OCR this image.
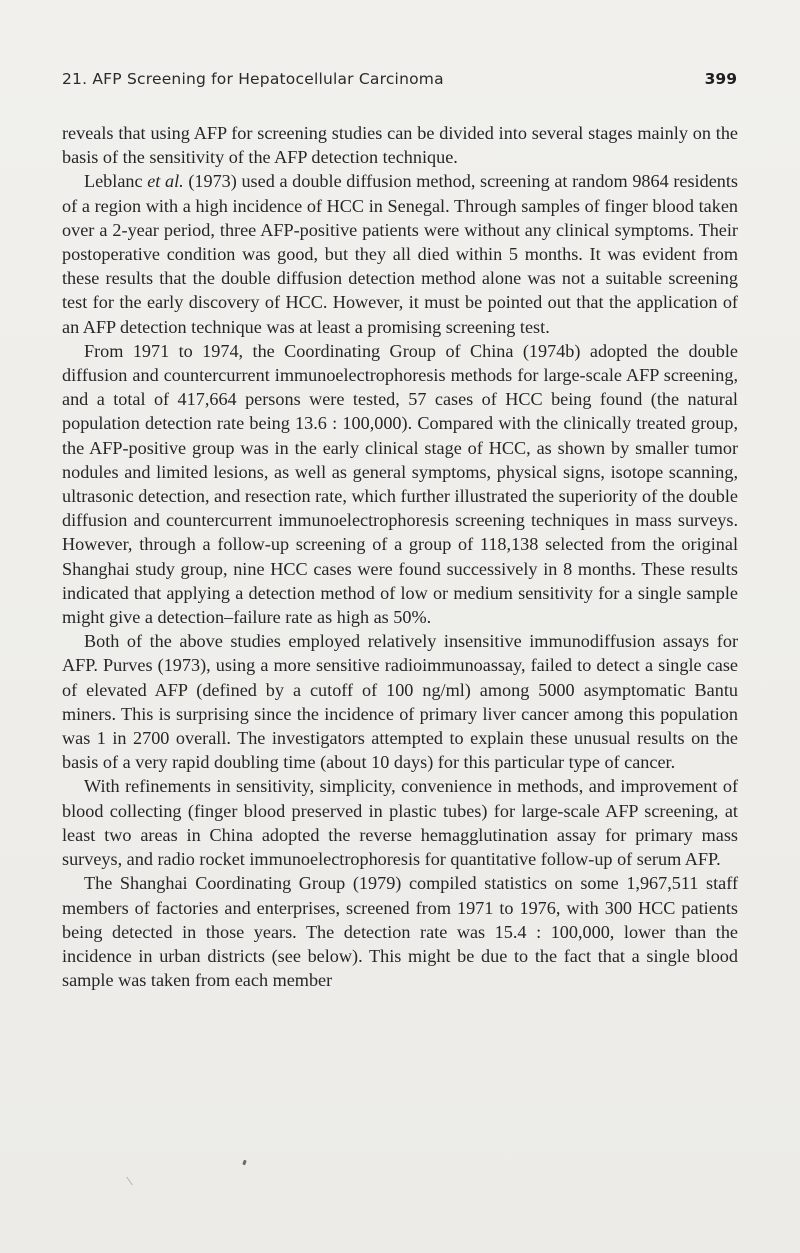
21. AFP Screening for Hepatocellular Carcinoma	399

reveals that using AFP for screening studies can be divided into several stages mainly on the basis of the sensitivity of the AFP detection technique.

Leblanc et al. (1973) used a double diffusion method, screening at random 9864 residents of a region with a high incidence of HCC in Senegal. Through samples of finger blood taken over a 2-year period, three AFP-positive patients were without any clinical symptoms. Their postoperative condition was good, but they all died within 5 months. It was evident from these results that the double diffusion detection method alone was not a suitable screening test for the early discovery of HCC. However, it must be pointed out that the application of an AFP detection technique was at least a promising screening test.

From 1971 to 1974, the Coordinating Group of China (1974b) adopted the double diffusion and countercurrent immunoelectrophoresis methods for large-scale AFP screening, and a total of 417,664 persons were tested, 57 cases of HCC being found (the natural population detection rate being 13.6 : 100,000). Compared with the clinically treated group, the AFP-positive group was in the early clinical stage of HCC, as shown by smaller tumor nodules and limited lesions, as well as general symptoms, physical signs, isotope scanning, ultrasonic detection, and resection rate, which further illustrated the superiority of the double diffusion and countercurrent immunoelectrophoresis screening techniques in mass surveys. However, through a follow-up screening of a group of 118,138 selected from the original Shanghai study group, nine HCC cases were found successively in 8 months. These results indicated that applying a detection method of low or medium sensitivity for a single sample might give a detection–failure rate as high as 50%.

Both of the above studies employed relatively insensitive immunodiffusion assays for AFP. Purves (1973), using a more sensitive radioimmunoassay, failed to detect a single case of elevated AFP (defined by a cutoff of 100 ng/ml) among 5000 asymptomatic Bantu miners. This is surprising since the incidence of primary liver cancer among this population was 1 in 2700 overall. The investigators attempted to explain these unusual results on the basis of a very rapid doubling time (about 10 days) for this particular type of cancer.

With refinements in sensitivity, simplicity, convenience in methods, and improvement of blood collecting (finger blood preserved in plastic tubes) for large-scale AFP screening, at least two areas in China adopted the reverse hemagglutination assay for primary mass surveys, and radio rocket immunoelectrophoresis for quantitative follow-up of serum AFP.

The Shanghai Coordinating Group (1979) compiled statistics on some 1,967,511 staff members of factories and enterprises, screened from 1971 to 1976, with 300 HCC patients being detected in those years. The detection rate was 15.4 : 100,000, lower than the incidence in urban districts (see below). This might be due to the fact that a single blood sample was taken from each member
